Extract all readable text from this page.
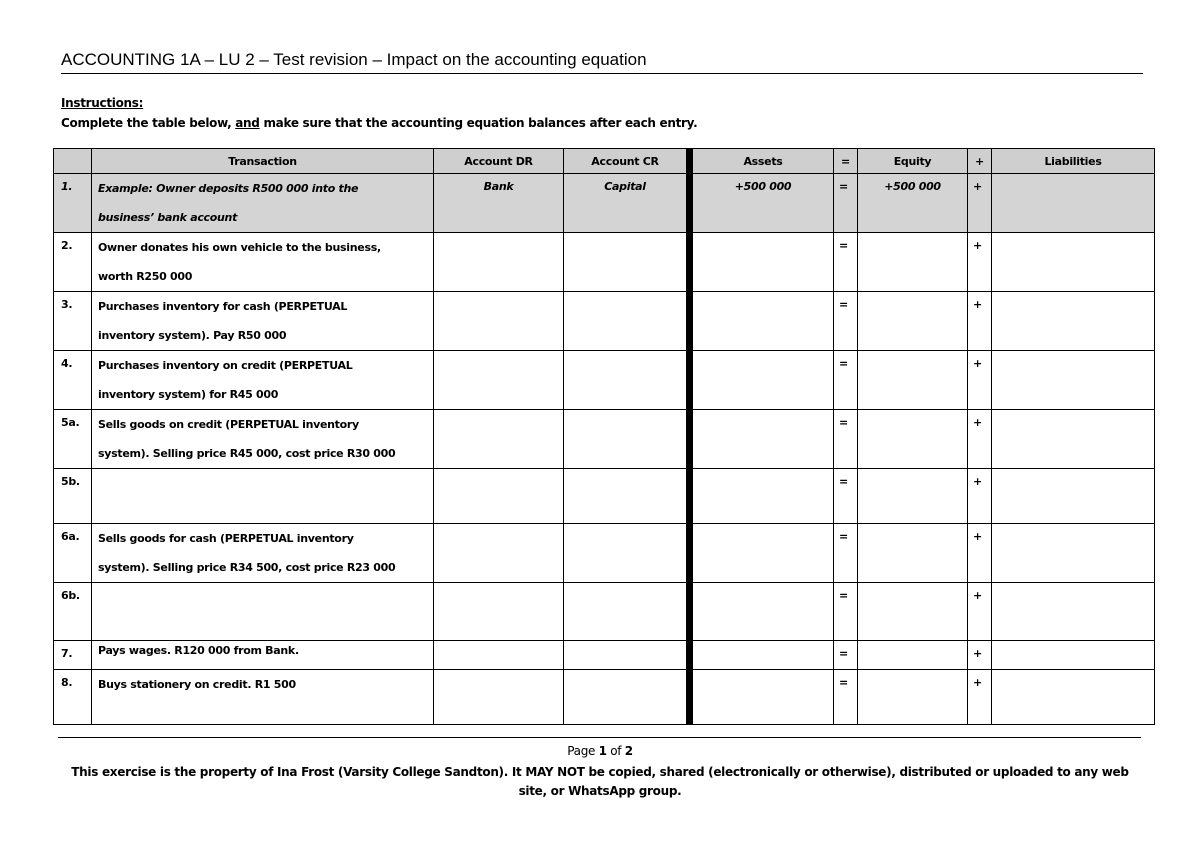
ACCOUNTING 1A – LU 2 – Test revision – Impact on the accounting equation
Instructions:
Complete the table below, and make sure that the accounting equation balances after each entry.
	Transaction	Account DR	Account CR	Assets	=	Equity	+	Liabilities

1.	Example: Owner deposits R500 000 into the
business’ bank account	Bank	Capital	+500 000	=	+500 000	+	

2.	Owner donates his own vehicle to the business,
worth R250 000				=		+	

3.	Purchases inventory for cash (PERPETUAL
inventory system). Pay R50 000				=		+	

4.	Purchases inventory on credit (PERPETUAL
inventory system) for R45 000				=		+	

5a.	Sells goods on credit (PERPETUAL inventory
system). Selling price R45 000, cost price R30 000				=		+	

5b.					=		+	

6a.	Sells goods for cash (PERPETUAL inventory
system). Selling price R34 500, cost price R23 000				=		+	

6b.					=		+	

7.	Pays wages. R120 000 from Bank.				=		+	

8.	Buys stationery on credit. R1 500				=		+	

Page 1 of 2
This exercise is the property of Ina Frost (Varsity College Sandton). It MAY NOT be copied, shared (electronically or otherwise), distributed or uploaded to any web site, or WhatsApp group.
